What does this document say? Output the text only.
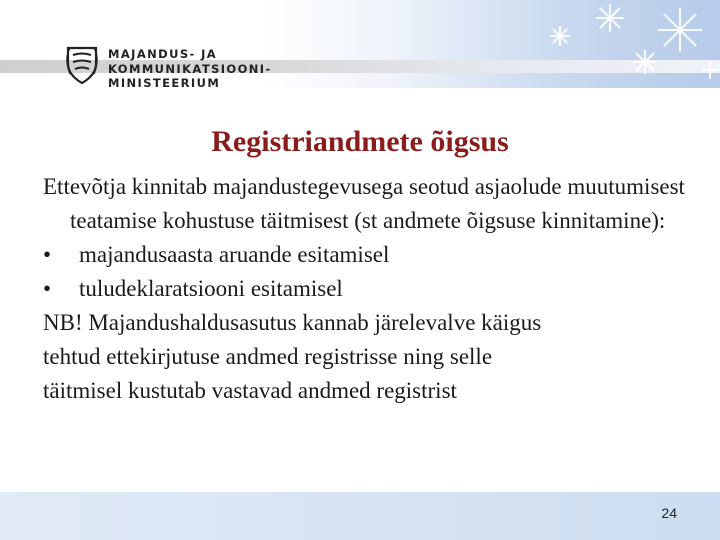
MAJANDUS- JA
KOMMUNIKATSIOONI-
MINISTEERIUM
Registriandmete õigsus
Ettevõtja kinnitab majandustegevusega seotud asjaolude muutumisest teatamise kohustuse täitmisest (st andmete õigsuse kinnitamine):
• majandusaasta aruande esitamisel
• tuludeklaratsiooni esitamisel
NB! Majandushaldusasutus kannab järelevalve käigus
tehtud ettekirjutuse andmed registrisse ning selle
täitmisel kustutab vastavad andmed registrist
24
